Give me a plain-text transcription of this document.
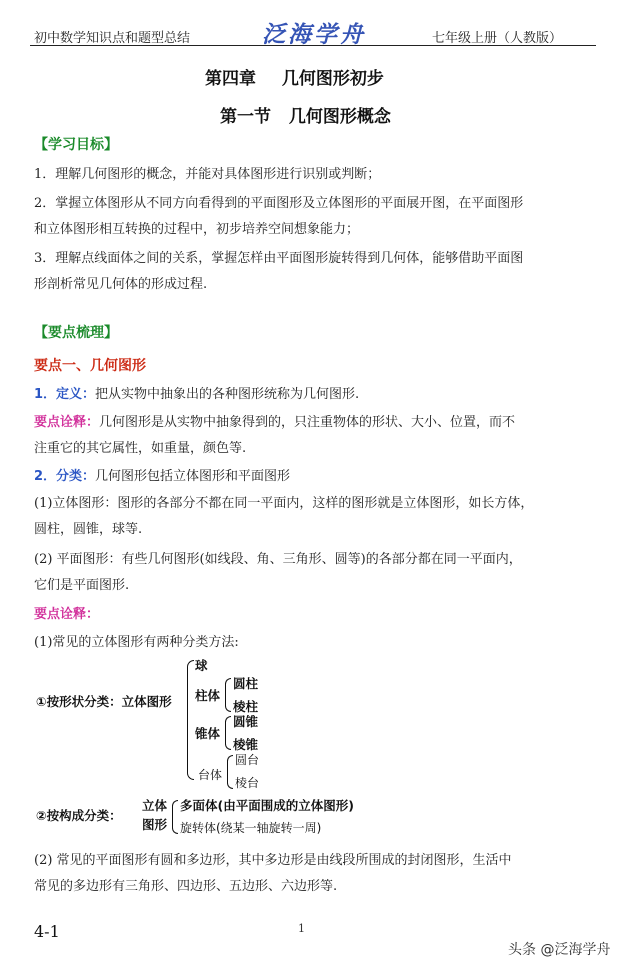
初中数学知识点和题型总结	泛海学舟	七年级上册（人教版）
第四章 几何图形初步
第一节 几何图形概念
【学习目标】
1．理解几何图形的概念，并能对具体图形进行识别或判断；
2．掌握立体图形从不同方向看得到的平面图形及立体图形的平面展开图，在平面图形
和立体图形相互转换的过程中，初步培养空间想象能力；
3．理解点线面体之间的关系，掌握怎样由平面图形旋转得到几何体，能够借助平面图
形剖析常见几何体的形成过程.
【要点梳理】
要点一、几何图形
1．定义：把从实物中抽象出的各种图形统称为几何图形.
要点诠释：几何图形是从实物中抽象得到的，只注重物体的形状、大小、位置，而不
注重它的其它属性，如重量，颜色等.
2．分类：几何图形包括立体图形和平面图形
(1)立体图形：图形的各部分不都在同一平面内，这样的图形就是立体图形，如长方体，
圆柱，圆锥，球等.
(2) 平面图形：有些几何图形(如线段、角、三角形、圆等)的各部分都在同一平面内，
它们是平面图形.
要点诠释：
(1)常见的立体图形有两种分类方法:
①按形状分类：立体图形
球
柱体
圆柱
棱柱
锥体
圆锥
棱锥
台体
圆台
棱台
②按构成分类：
立体
图形
多面体(由平面围成的立体图形)
旋转体(绕某一轴旋转一周)
(2) 常见的平面图形有圆和多边形，其中多边形是由线段所围成的封闭图形，生活中
常见的多边形有三角形、四边形、五边形、六边形等.
4-1	1
头条 @泛海学舟
